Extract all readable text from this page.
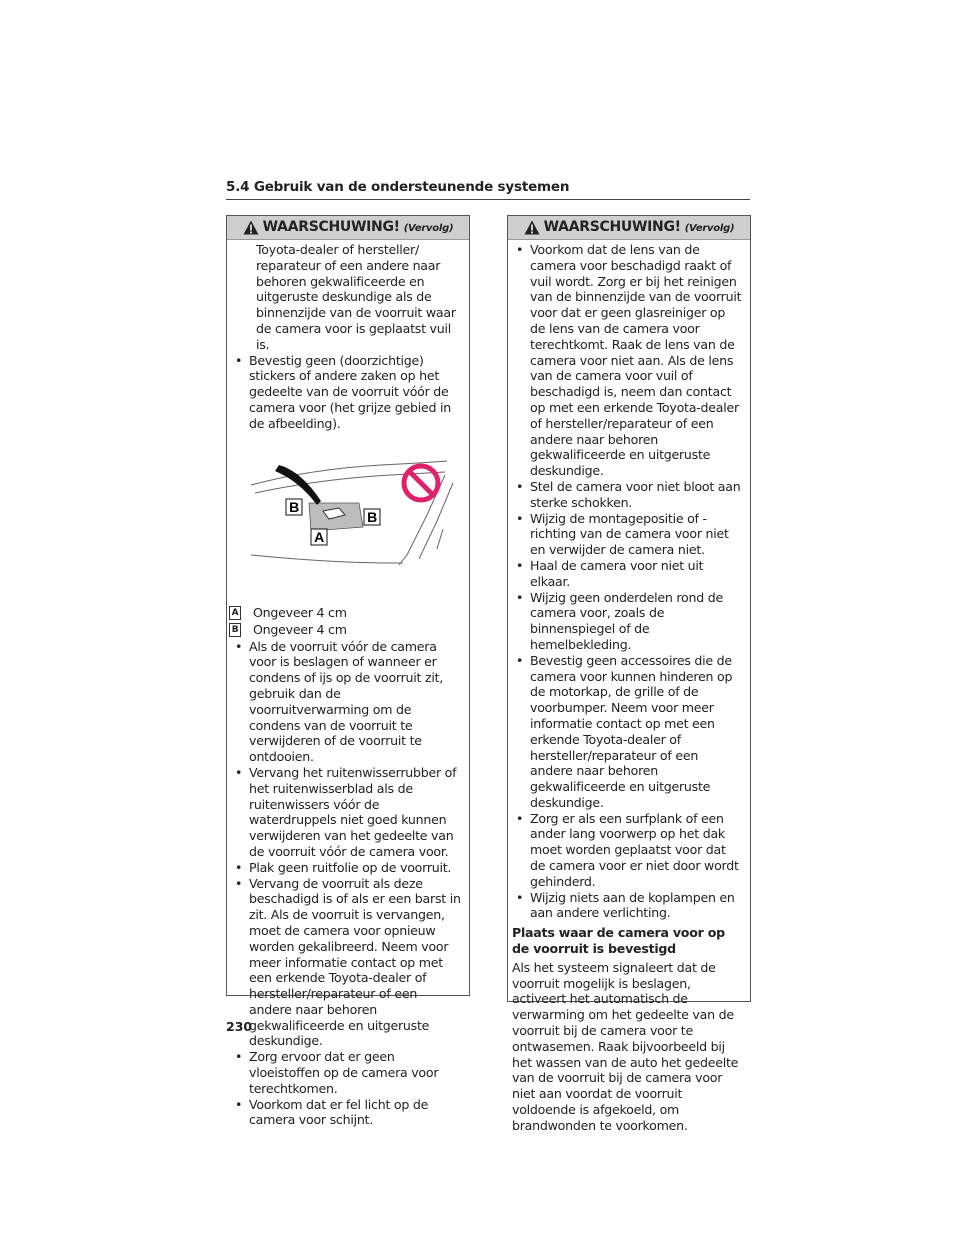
5.4 Gebruik van de ondersteunende systemen
WAARSCHUWING! (Vervolg)

Toyota-dealer of hersteller/ reparateur of een andere naar behoren gekwalificeerde en uitgeruste deskundige als de binnenzijde van de voorruit waar de camera voor is geplaatst vuil is.

• Bevestig geen (doorzichtige) stickers of andere zaken op het gedeelte van de voorruit vóór de camera voor (het grijze gebied in de afbeelding).
B
B
A
A Ongeveer 4 cm
B Ongeveer 4 cm
• Als de voorruit vóór de camera voor is beslagen of wanneer er condens of ijs op de voorruit zit, gebruik dan de voorruitverwarming om de condens van de voorruit te verwijderen of de voorruit te ontdooien.
• Vervang het ruitenwisserrubber of het ruitenwisserblad als de ruitenwissers vóór de waterdruppels niet goed kunnen verwijderen van het gedeelte van de voorruit vóór de camera voor.
• Plak geen ruitfolie op de voorruit.
• Vervang de voorruit als deze beschadigd is of als er een barst in zit. Als de voorruit is vervangen, moet de camera voor opnieuw worden gekalibreerd. Neem voor meer informatie contact op met een erkende Toyota-dealer of hersteller/reparateur of een andere naar behoren gekwalificeerde en uitgeruste deskundige.
• Zorg ervoor dat er geen vloeistoffen op de camera voor terechtkomen.
• Voorkom dat er fel licht op de camera voor schijnt.
WAARSCHUWING! (Vervolg)
• Voorkom dat de lens van de camera voor beschadigd raakt of vuil wordt. Zorg er bij het reinigen van de binnenzijde van de voorruit voor dat er geen glasreiniger op de lens van de camera voor terechtkomt. Raak de lens van de camera voor niet aan. Als de lens van de camera voor vuil of beschadigd is, neem dan contact op met een erkende Toyota-dealer of hersteller/reparateur of een andere naar behoren gekwalificeerde en uitgeruste deskundige.
• Stel de camera voor niet bloot aan sterke schokken.
• Wijzig de montagepositie of -richting van de camera voor niet en verwijder de camera niet.
• Haal de camera voor niet uit elkaar.
• Wijzig geen onderdelen rond de camera voor, zoals de binnenspiegel of de hemelbekleding.
• Bevestig geen accessoires die de camera voor kunnen hinderen op de motorkap, de grille of de voorbumper. Neem voor meer informatie contact op met een erkende Toyota-dealer of hersteller/reparateur of een andere naar behoren gekwalificeerde en uitgeruste deskundige.
• Zorg er als een surfplank of een ander lang voorwerp op het dak moet worden geplaatst voor dat de camera voor er niet door wordt gehinderd.
• Wijzig niets aan de koplampen en aan andere verlichting.
Plaats waar de camera voor op de voorruit is bevestigd
Als het systeem signaleert dat de voorruit mogelijk is beslagen, activeert het automatisch de verwarming om het gedeelte van de voorruit bij de camera voor te ontwasemen. Raak bijvoorbeeld bij het wassen van de auto het gedeelte van de voorruit bij de camera voor niet aan voordat de voorruit voldoende is afgekoeld, om brandwonden te voorkomen.
230
